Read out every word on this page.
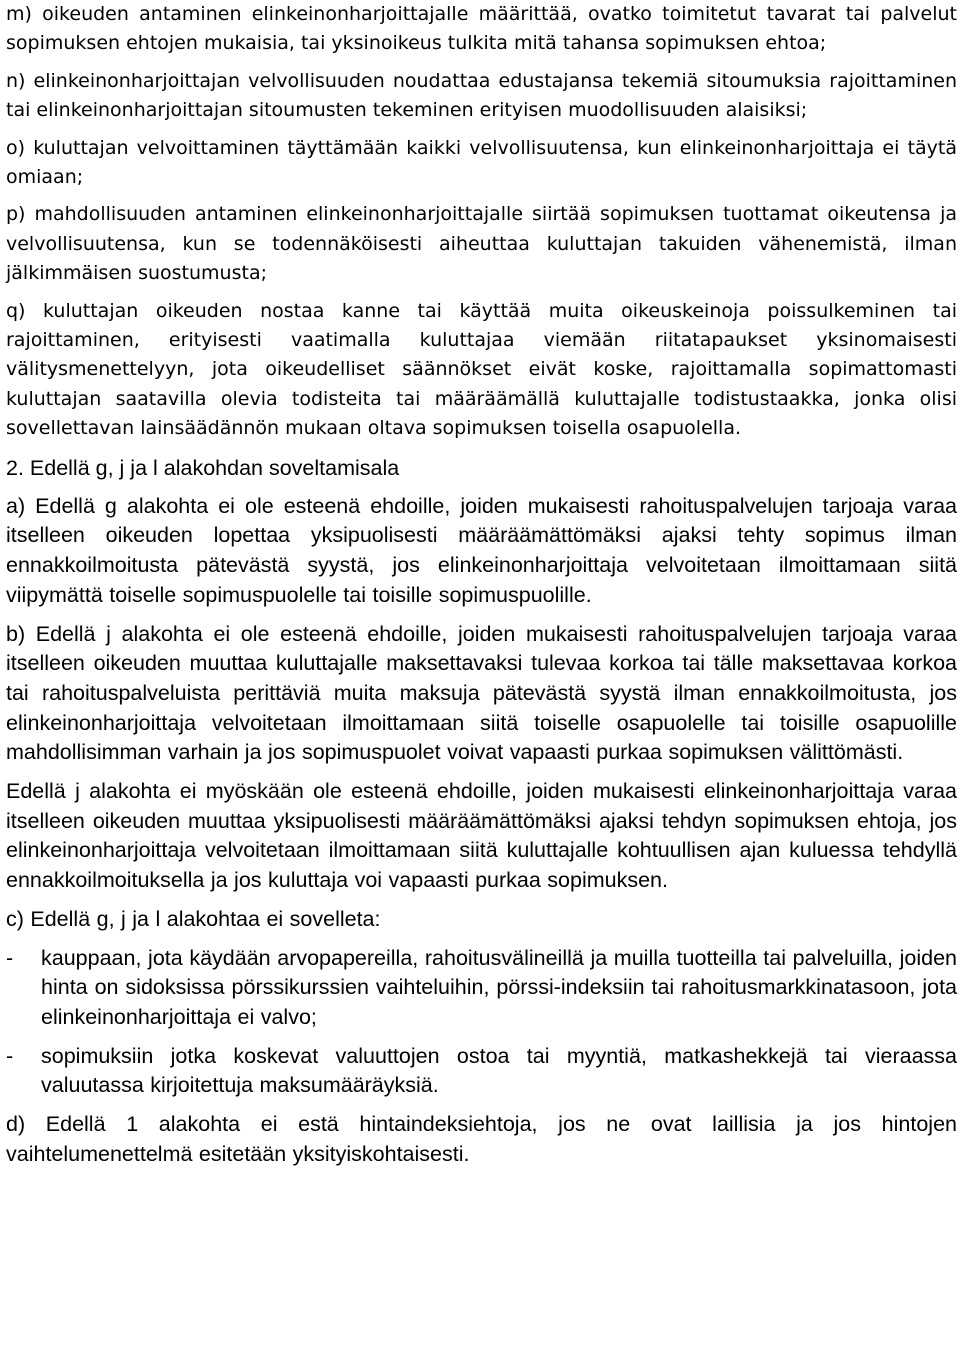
m) oikeuden antaminen elinkeinonharjoittajalle määrittää, ovatko toimitetut tavarat tai palvelut sopimuksen ehtojen mukaisia, tai yksinoikeus tulkita mitä tahansa sopimuksen ehtoa;

n) elinkeinonharjoittajan velvollisuuden noudattaa edustajansa tekemiä sitoumuksia rajoittaminen tai elinkeinonharjoittajan sitoumusten tekeminen erityisen muodollisuuden alaisiksi;

o) kuluttajan velvoittaminen täyttämään kaikki velvollisuutensa, kun elinkeinonharjoittaja ei täytä omiaan;

p) mahdollisuuden antaminen elinkeinonharjoittajalle siirtää sopimuksen tuottamat oikeutensa ja velvollisuutensa, kun se todennäköisesti aiheuttaa kuluttajan takuiden vähenemistä, ilman jälkimmäisen suostumusta;

q) kuluttajan oikeuden nostaa kanne tai käyttää muita oikeuskeinoja poissulkeminen tai rajoittaminen, erityisesti vaatimalla kuluttajaa viemään riitatapaukset yksinomaisesti välitysmenettelyyn, jota oikeudelliset säännökset eivät koske, rajoittamalla sopimattomasti kuluttajan saatavilla olevia todisteita tai määräämällä kuluttajalle todistustaakka, jonka olisi sovellettavan lainsäädännön mukaan oltava sopimuksen toisella osapuolella.

2. Edellä g, j ja l alakohdan soveltamisala

a) Edellä g alakohta ei ole esteenä ehdoille, joiden mukaisesti rahoituspalvelujen tarjoaja varaa itselleen oikeuden lopettaa yksipuolisesti määräämättömäksi ajaksi tehty sopimus ilman ennakkoilmoitusta pätevästä syystä, jos elinkeinonharjoittaja velvoitetaan ilmoittamaan siitä viipymättä toiselle sopimuspuolelle tai toisille sopimuspuolille.

b) Edellä j alakohta ei ole esteenä ehdoille, joiden mukaisesti rahoituspalvelujen tarjoaja varaa itselleen oikeuden muuttaa kuluttajalle maksettavaksi tulevaa korkoa tai tälle maksettavaa korkoa tai rahoituspalveluista perittäviä muita maksuja pätevästä syystä ilman ennakkoilmoitusta, jos elinkeinonharjoittaja velvoitetaan ilmoittamaan siitä toiselle osapuolelle tai toisille osapuolille mahdollisimman varhain ja jos sopimuspuolet voivat vapaasti purkaa sopimuksen välittömästi.

Edellä j alakohta ei myöskään ole esteenä ehdoille, joiden mukaisesti elinkeinonharjoittaja varaa itselleen oikeuden muuttaa yksipuolisesti määräämättömäksi ajaksi tehdyn sopimuksen ehtoja, jos elinkeinonharjoittaja velvoitetaan ilmoittamaan siitä kuluttajalle kohtuullisen ajan kuluessa tehdyllä ennakkoilmoituksella ja jos kuluttaja voi vapaasti purkaa sopimuksen.

c) Edellä g, j ja l alakohtaa ei sovelleta:

-	kauppaan, jota käydään arvopapereilla, rahoitusvälineillä ja muilla tuotteilla tai palveluilla, joiden hinta on sidoksissa pörssikurssien vaihteluihin, pörssi-indeksiin tai rahoitusmarkkinatasoon, jota elinkeinonharjoittaja ei valvo;
-	sopimuksiin jotka koskevat valuuttojen ostoa tai myyntiä, matkashekkejä tai vieraassa valuutassa kirjoitettuja maksumääräyksiä.

d) Edellä 1 alakohta ei estä hintaindeksiehtoja, jos ne ovat laillisia ja jos hintojen vaihtelumenettelmä esitetään yksityiskohtaisesti.
